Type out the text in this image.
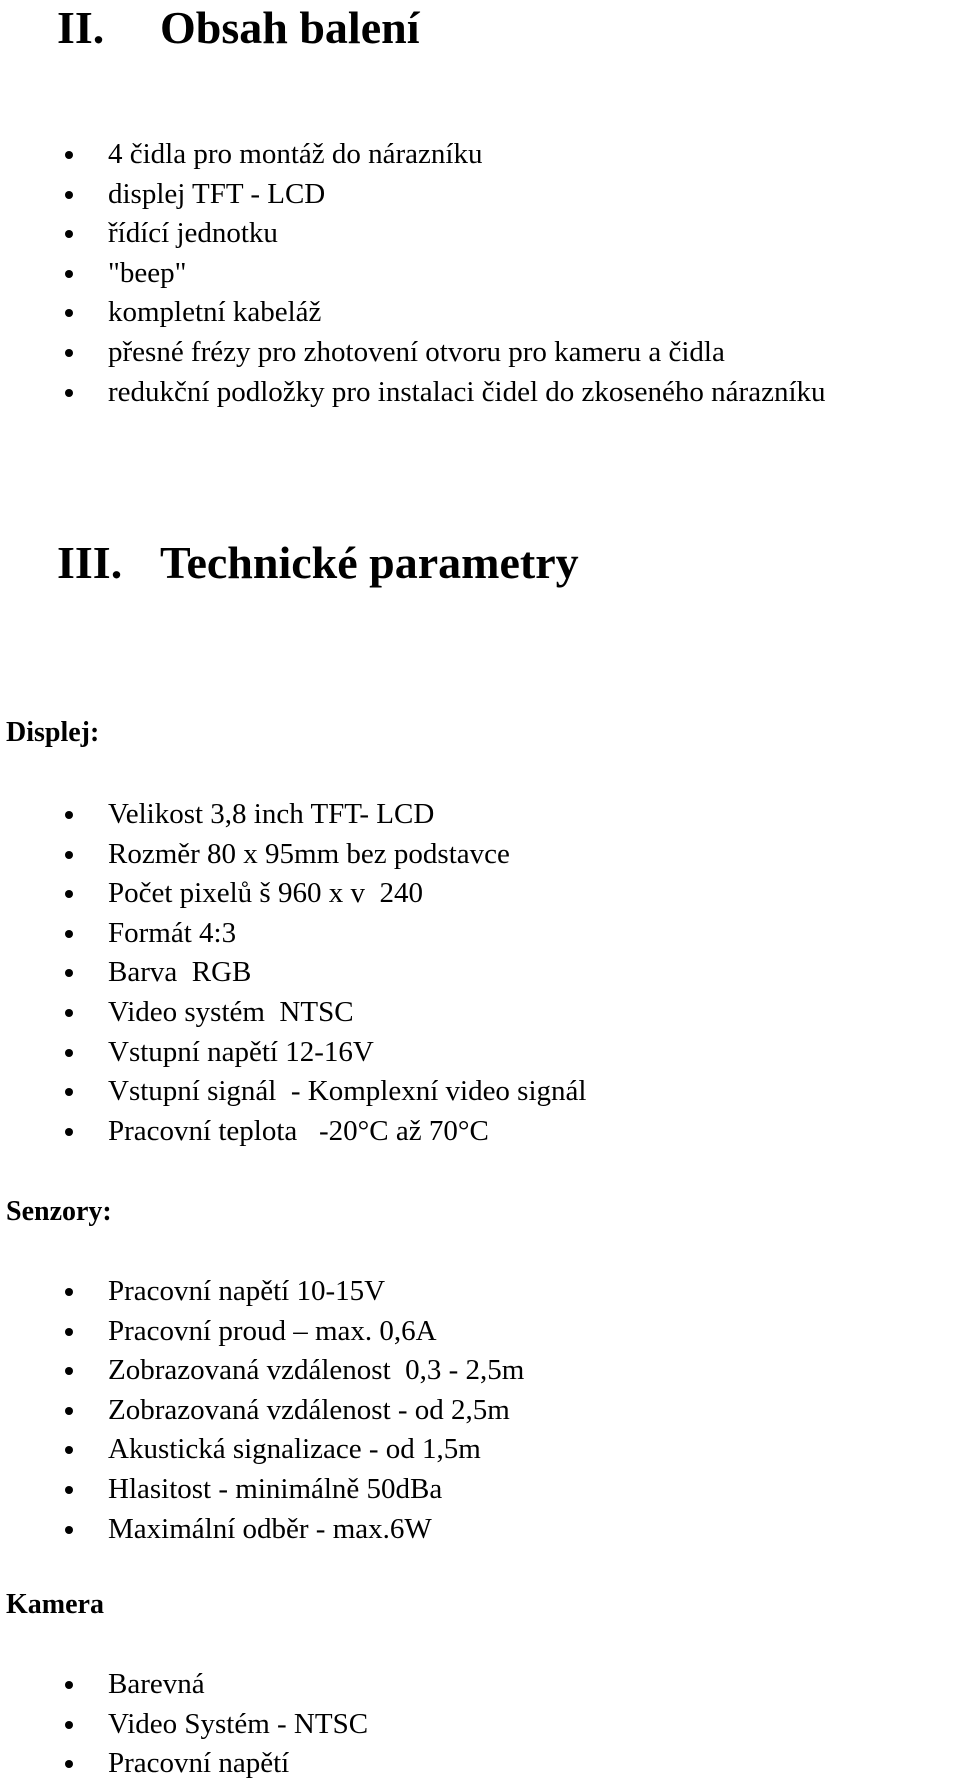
II. Obsah balení
4 čidla pro montáž do nárazníku
displej TFT - LCD
řídící jednotku
"beep"
kompletní kabeláž
přesné frézy pro zhotovení otvoru pro kameru a čidla
redukční podložky pro instalaci čidel do zkoseného nárazníku
III. Technické parametry
Displej:
Velikost 3,8 inch TFT- LCD
Rozměr 80 x 95mm bez podstavce
Počet pixelů š 960 x v  240
Formát 4:3
Barva  RGB
Video systém  NTSC
Vstupní napětí 12-16V
Vstupní signál  - Komplexní video signál
Pracovní teplota   -20°C až 70°C
Senzory:
Pracovní napětí 10-15V
Pracovní proud – max. 0,6A
Zobrazovaná vzdálenost  0,3 - 2,5m
Zobrazovaná vzdálenost - od 2,5m
Akustická signalizace - od 1,5m
Hlasitost - minimálně 50dBa
Maximální odběr - max.6W
Kamera
Barevná
Video Systém - NTSC
Pracovní napětí
